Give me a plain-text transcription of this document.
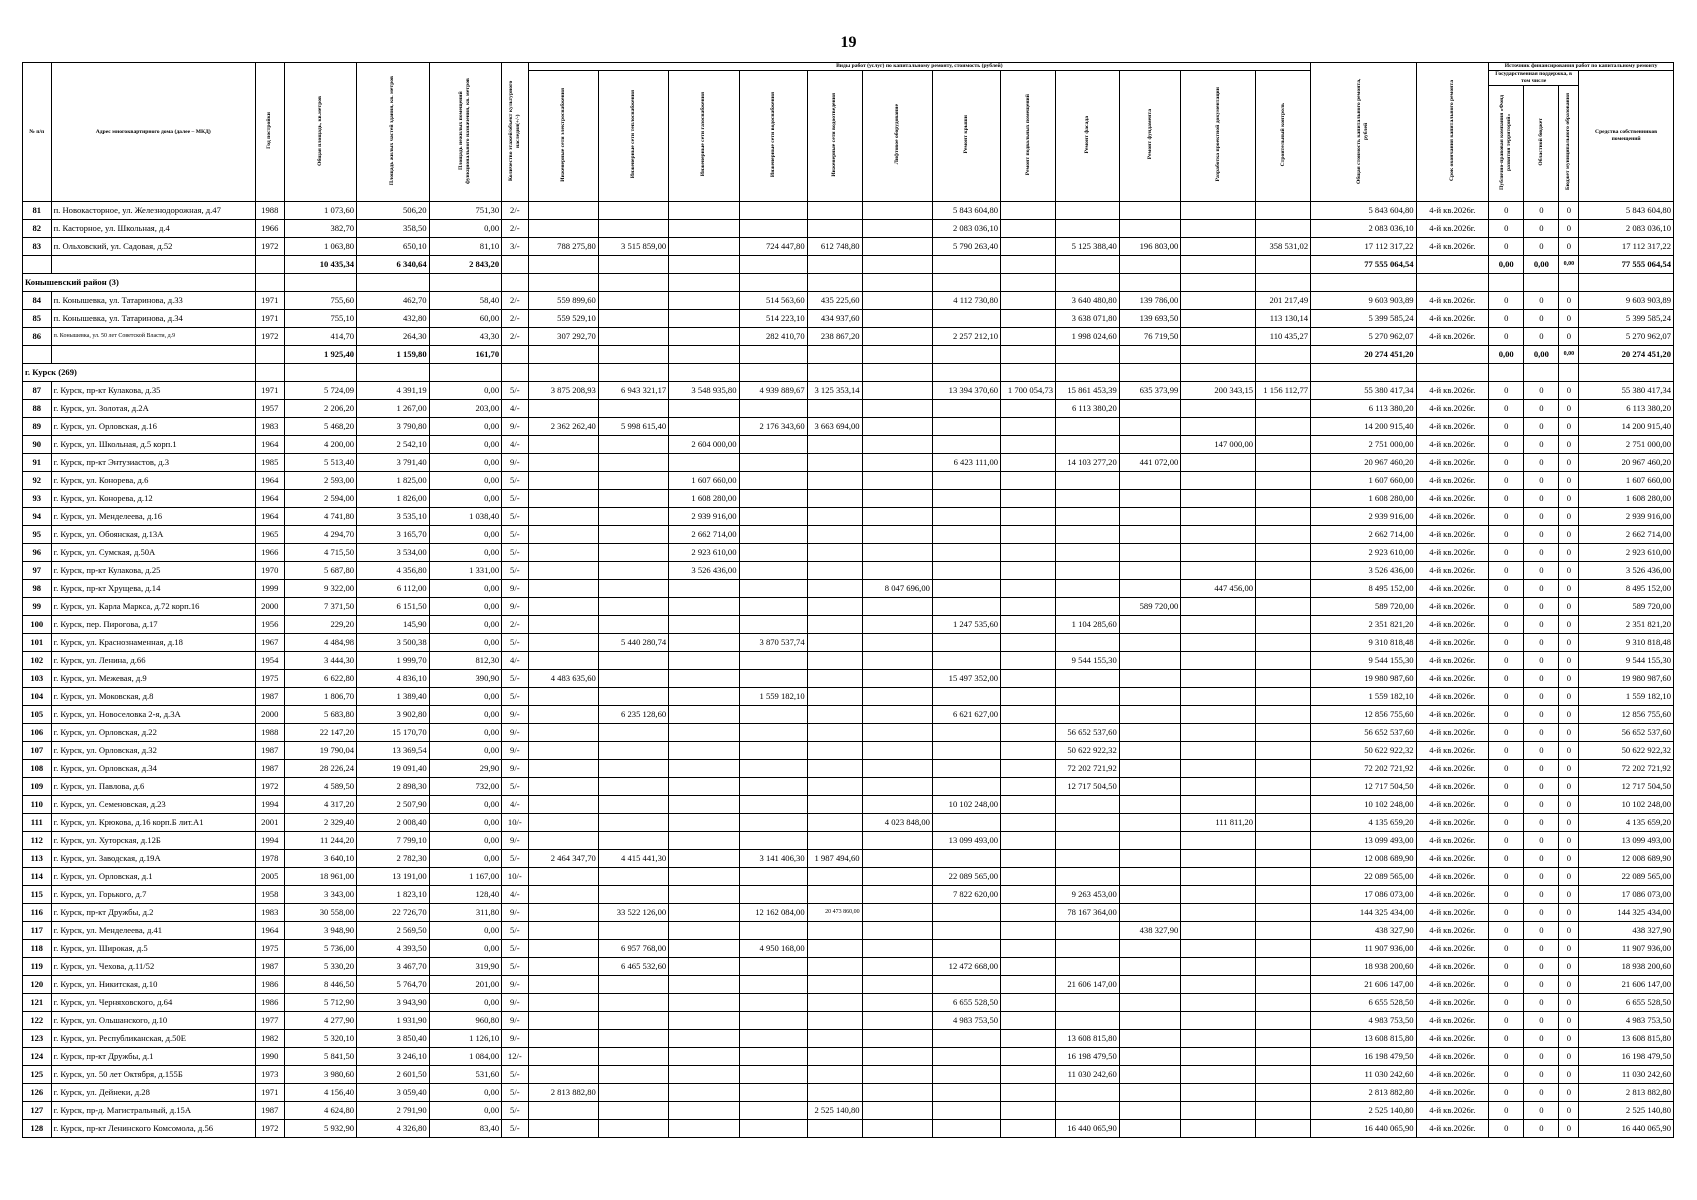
19
№ п/п	Адрес многоквартирного дома (далее – МКД)	Год постройки	Общая площадь, кв.метров	Площадь жилых частей здания, кв. метров	Площадь нежилых помещений функционального назначения, кв. метров	Количество этажей/объект культурного наследия(+/-)	Виды работ (услуг) по капитальному ремонту, стоимость (рублей)												Общая стоимость капитального ремонта, рублей	Срок окончания капитального ремонта	Источник финансирования работ по капитальному ремонту			
							Инженерные сети электроснабжения	Инженерные сети теплоснабжения	Инженерные сети газоснабжения	Инженерные сети водоснабжения	Инженерные сети водоотведения	Лифтовое оборудование	Ремонт крыши	Ремонт подвальных помещений	Ремонт фасада	Ремонт фундамента	Разработка проектной документации	Строительный контроль			Государственная поддержка, в том числе			Средства собственников помещений
																					Публично-правовая компания «Фонд развития территорий»	Областной бюджет	Бюджет муниципального образования	
81	п. Новокасторное, ул. Железнодорожная, д.47	1988	1 073,60	506,20	751,30	2/-							5 843 604,80						5 843 604,80	4-й кв.2026г.	0	0	0	5 843 604,80
82	п. Касторное, ул. Школьная, д.4	1966	382,70	358,50	0,00	2/-							2 083 036,10						2 083 036,10	4-й кв.2026г.	0	0	0	2 083 036,10
83	п. Ольховский, ул. Садовая, д.52	1972	1 063,80	650,10	81,10	3/-	788 275,80	3 515 859,00		724 447,80	612 748,80		5 790 263,40		5 125 388,40	196 803,00		358 531,02	17 112 317,22	4-й кв.2026г.	0	0	0	17 112 317,22
			10 435,34	6 340,64	2 843,20														77 555 064,54		0,00	0,00	0,00	77 555 064,54
Конышевский район (3)																								
84	п. Конышевка, ул. Татаринова, д.33	1971	755,60	462,70	58,40	2/-	559 899,60			514 563,60	435 225,60		4 112 730,80		3 640 480,80	139 786,00		201 217,49	9 603 903,89	4-й кв.2026г.	0	0	0	9 603 903,89
85	п. Конышевка, ул. Татаринова, д.34	1971	755,10	432,80	60,00	2/-	559 529,10			514 223,10	434 937,60				3 638 071,80	139 693,50		113 130,14	5 399 585,24	4-й кв.2026г.	0	0	0	5 399 585,24
86	п. Конышевка, ул. 50 лет Советской Власти, д.9	1972	414,70	264,30	43,30	2/-	307 292,70			282 410,70	238 867,20		2 257 212,10		1 998 024,60	76 719,50		110 435,27	5 270 962,07	4-й кв.2026г.	0	0	0	5 270 962,07
			1 925,40	1 159,80	161,70														20 274 451,20		0,00	0,00	0,00	20 274 451,20
г. Курск (269)																								
87	г. Курск, пр-кт Кулакова, д.35	1971	5 724,09	4 391,19	0,00	5/-	3 875 208,93	6 943 321,17	3 548 935,80	4 939 889,67	3 125 353,14		13 394 370,60	1 700 054,73	15 861 453,39	635 373,99	200 343,15	1 156 112,77	55 380 417,34	4-й кв.2026г.	0	0	0	55 380 417,34
88	г. Курск, ул. Золотая, д.2А	1957	2 206,20	1 267,00	203,00	4/-									6 113 380,20				6 113 380,20	4-й кв.2026г.	0	0	0	6 113 380,20
89	г. Курск, ул. Орловская, д.16	1983	5 468,20	3 790,80	0,00	9/-	2 362 262,40	5 998 615,40		2 176 343,60	3 663 694,00								14 200 915,40	4-й кв.2026г.	0	0	0	14 200 915,40
90	г. Курск, ул. Школьная, д.5 корп.1	1964	4 200,00	2 542,10	0,00	4/-			2 604 000,00								147 000,00		2 751 000,00	4-й кв.2026г.	0	0	0	2 751 000,00
91	г. Курск, пр-кт Энтузиастов, д.3	1985	5 513,40	3 791,40	0,00	9/-							6 423 111,00		14 103 277,20	441 072,00			20 967 460,20	4-й кв.2026г.	0	0	0	20 967 460,20
92	г. Курск, ул. Конорева, д.6	1964	2 593,00	1 825,00	0,00	5/-			1 607 660,00										1 607 660,00	4-й кв.2026г.	0	0	0	1 607 660,00
93	г. Курск, ул. Конорева, д.12	1964	2 594,00	1 826,00	0,00	5/-			1 608 280,00										1 608 280,00	4-й кв.2026г.	0	0	0	1 608 280,00
94	г. Курск, ул. Менделеева, д.16	1964	4 741,80	3 535,10	1 038,40	5/-			2 939 916,00										2 939 916,00	4-й кв.2026г.	0	0	0	2 939 916,00
95	г. Курск, ул. Обоянская, д.13А	1965	4 294,70	3 165,70	0,00	5/-			2 662 714,00										2 662 714,00	4-й кв.2026г.	0	0	0	2 662 714,00
96	г. Курск, ул. Сумская, д.50А	1966	4 715,50	3 534,00	0,00	5/-			2 923 610,00										2 923 610,00	4-й кв.2026г.	0	0	0	2 923 610,00
97	г. Курск, пр-кт Кулакова, д.25	1970	5 687,80	4 356,80	1 331,00	5/-			3 526 436,00										3 526 436,00	4-й кв.2026г.	0	0	0	3 526 436,00
98	г. Курск, пр-кт Хрущева, д.14	1999	9 322,00	6 112,00	0,00	9/-						8 047 696,00					447 456,00		8 495 152,00	4-й кв.2026г.	0	0	0	8 495 152,00
99	г. Курск, ул. Карла Маркса, д.72 корп.16	2000	7 371,50	6 151,50	0,00	9/-										589 720,00			589 720,00	4-й кв.2026г.	0	0	0	589 720,00
100	г. Курск, пер. Пирогова, д.17	1956	229,20	145,90	0,00	2/-							1 247 535,60		1 104 285,60				2 351 821,20	4-й кв.2026г.	0	0	0	2 351 821,20
101	г. Курск, ул. Краснознаменная, д.18	1967	4 484,98	3 500,38	0,00	5/-		5 440 280,74		3 870 537,74									9 310 818,48	4-й кв.2026г.	0	0	0	9 310 818,48
102	г. Курск, ул. Ленина, д.66	1954	3 444,30	1 999,70	812,30	4/-									9 544 155,30				9 544 155,30	4-й кв.2026г.	0	0	0	9 544 155,30
103	г. Курск, ул. Межевая, д.9	1975	6 622,80	4 836,10	390,90	5/-	4 483 635,60						15 497 352,00						19 980 987,60	4-й кв.2026г.	0	0	0	19 980 987,60
104	г. Курск, ул. Моковская, д.8	1987	1 806,70	1 389,40	0,00	5/-				1 559 182,10									1 559 182,10	4-й кв.2026г.	0	0	0	1 559 182,10
105	г. Курск, ул. Новоселовка 2-я, д.3А	2000	5 683,80	3 902,80	0,00	9/-		6 235 128,60					6 621 627,00						12 856 755,60	4-й кв.2026г.	0	0	0	12 856 755,60
106	г. Курск, ул. Орловская, д.22	1988	22 147,20	15 170,70	0,00	9/-									56 652 537,60				56 652 537,60	4-й кв.2026г.	0	0	0	56 652 537,60
107	г. Курск, ул. Орловская, д.32	1987	19 790,04	13 369,54	0,00	9/-									50 622 922,32				50 622 922,32	4-й кв.2026г.	0	0	0	50 622 922,32
108	г. Курск, ул. Орловская, д.34	1987	28 226,24	19 091,40	29,90	9/-									72 202 721,92				72 202 721,92	4-й кв.2026г.	0	0	0	72 202 721,92
109	г. Курск, ул. Павлова, д.6	1972	4 589,50	2 898,30	732,00	5/-									12 717 504,50				12 717 504,50	4-й кв.2026г.	0	0	0	12 717 504,50
110	г. Курск, ул. Семеновская, д.23	1994	4 317,20	2 507,90	0,00	4/-							10 102 248,00						10 102 248,00	4-й кв.2026г.	0	0	0	10 102 248,00
111	г. Курск, ул. Крюкова, д.16 корп.Б лит.А1	2001	2 329,40	2 008,40	0,00	10/-						4 023 848,00					111 811,20		4 135 659,20	4-й кв.2026г.	0	0	0	4 135 659,20
112	г. Курск, ул. Хуторская, д.12Б	1994	11 244,20	7 799,10	0,00	9/-							13 099 493,00						13 099 493,00	4-й кв.2026г.	0	0	0	13 099 493,00
113	г. Курск, ул. Заводская, д.19А	1978	3 640,10	2 782,30	0,00	5/-	2 464 347,70	4 415 441,30		3 141 406,30	1 987 494,60								12 008 689,90	4-й кв.2026г.	0	0	0	12 008 689,90
114	г. Курск, ул. Орловская, д.1	2005	18 961,00	13 191,00	1 167,00	10/-							22 089 565,00						22 089 565,00	4-й кв.2026г.	0	0	0	22 089 565,00
115	г. Курск, ул. Горького, д.7	1958	3 343,00	1 823,10	128,40	4/-							7 822 620,00		9 263 453,00				17 086 073,00	4-й кв.2026г.	0	0	0	17 086 073,00
116	г. Курск, пр-кт Дружбы, д.2	1983	30 558,00	22 726,70	311,80	9/-		33 522 126,00		12 162 084,00	20 473 860,00				78 167 364,00				144 325 434,00	4-й кв.2026г.	0	0	0	144 325 434,00
117	г. Курск, ул. Менделеева, д.41	1964	3 948,90	2 569,50	0,00	5/-										438 327,90			438 327,90	4-й кв.2026г.	0	0	0	438 327,90
118	г. Курск, ул. Широкая, д.5	1975	5 736,00	4 393,50	0,00	5/-		6 957 768,00		4 950 168,00									11 907 936,00	4-й кв.2026г.	0	0	0	11 907 936,00
119	г. Курск, ул. Чехова, д.11/52	1987	5 330,20	3 467,70	319,90	5/-		6 465 532,60					12 472 668,00						18 938 200,60	4-й кв.2026г.	0	0	0	18 938 200,60
120	г. Курск, ул. Никитская, д.10	1986	8 446,50	5 764,70	201,00	9/-									21 606 147,00				21 606 147,00	4-й кв.2026г.	0	0	0	21 606 147,00
121	г. Курск, ул. Черняховского, д.64	1986	5 712,90	3 943,90	0,00	9/-							6 655 528,50						6 655 528,50	4-й кв.2026г.	0	0	0	6 655 528,50
122	г. Курск, ул. Ольшанского, д.10	1977	4 277,90	1 931,90	960,80	9/-							4 983 753,50						4 983 753,50	4-й кв.2026г.	0	0	0	4 983 753,50
123	г. Курск, ул. Республиканская, д.50Е	1982	5 320,10	3 850,40	1 126,10	9/-									13 608 815,80				13 608 815,80	4-й кв.2026г.	0	0	0	13 608 815,80
124	г. Курск, пр-кт Дружбы, д.1	1990	5 841,50	3 246,10	1 084,00	12/-									16 198 479,50				16 198 479,50	4-й кв.2026г.	0	0	0	16 198 479,50
125	г. Курск, ул. 50 лет Октября, д.155Б	1973	3 980,60	2 601,50	531,60	5/-									11 030 242,60				11 030 242,60	4-й кв.2026г.	0	0	0	11 030 242,60
126	г. Курск, ул. Дейнеки, д.28	1971	4 156,40	3 059,40	0,00	5/-	2 813 882,80												2 813 882,80	4-й кв.2026г.	0	0	0	2 813 882,80
127	г. Курск, пр-д. Магистральный, д.15А	1987	4 624,80	2 791,90	0,00	5/-					2 525 140,80								2 525 140,80	4-й кв.2026г.	0	0	0	2 525 140,80
128	г. Курск, пр-кт Ленинского Комсомола, д.56	1972	5 932,90	4 326,80	83,40	5/-									16 440 065,90				16 440 065,90	4-й кв.2026г.	0	0	0	16 440 065,90
